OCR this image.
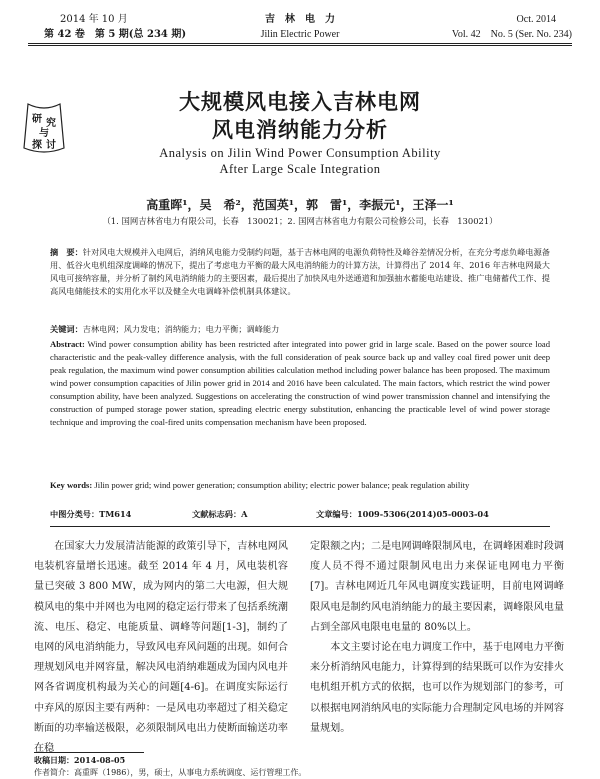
2014 年 10 月
第 42 卷　第 5 期(总 234 期)
吉　林　电　力
Jilin Electric Power
Oct. 2014
Vol. 42　No. 5 (Ser. No. 234)
研 究
与
探 讨
大规模风电接入吉林电网
风电消纳能力分析
Analysis on Jilin Wind Power Consumption Ability
After Large Scale Integration
高重晖¹，吴　希²，范国英¹，郭　雷¹，李振元¹，王泽一¹
（1. 国网吉林省电力有限公司，长春　130021；2. 国网吉林省电力有限公司检修公司，长春　130021）
摘　要：针对风电大规模并入电网后，消纳风电能力受制约问题，基于吉林电网的电源负荷特性及峰谷差情况分析，在充分考虑负峰电源备用、低谷火电机组深度调峰的情况下，提出了考虑电力平衡的最大风电消纳能力的计算方法，计算得出了 2014 年、2016 年吉林电网最大风电可接纳容量，并分析了制约风电消纳能力的主要因素，最后提出了加快风电外送通道和加强抽水蓄能电站建设、推广电储蓄代工作、提高风电储能技术的实用化水平以及健全火电调峰补偿机制具体建议。
关键词：吉林电网；风力发电；消纳能力；电力平衡；调峰能力
Abstract: Wind power consumption ability has been restricted after integrated into power grid in large scale. Based on the power source load characteristic and the peak-valley difference analysis, with the full consideration of peak source back up and valley coal fired power unit deep peak regulation, the maximum wind power consumption abilities calculation method including power balance has been proposed. The maximum wind power consumption capacities of Jilin power grid in 2014 and 2016 have been calculated. The main factors, which restrict the wind power consumption ability, have been analyzed. Suggestions on accelerating the construction of wind power transmission channel and intensifying the construction of pumped storage power station, spreading electric energy substitution, enhancing the practicable level of wind power storage technique and improving the coal-fired units compensation mechanism have been proposed.
Key words: Jilin power grid; wind power generation; consumption ability; electric power balance; peak regulation ability
中图分类号：TM614	文献标志码：A	文章编号：1009-5306(2014)05-0003-04

在国家大力发展清洁能源的政策引导下，吉林电网风电装机容量增长迅速。截至 2014 年 4 月，风电装机容量已突破 3 800 MW，成为网内的第二大电源，但大规模风电的集中并网也为电网的稳定运行带来了包括系统潮流、电压、稳定、电能质量、调峰等问题[1-3]，制约了电网的风电消纳能力，导致风电弃风问题的出现。如何合理规划风电并网容量，解决风电消纳难题成为国内风电并网各省调度机构最为关心的问题[4-6]。在调度实际运行中弃风的原因主要有两种：一是风电功率超过了相关稳定断面的功率输送极限，必须限制风电出力使断面输送功率在稳

定限额之内；二是电网调峰限制风电，在调峰困难时段调度人员不得不通过限制风电出力来保证电网电力平衡[7]。吉林电网近几年风电调度实践证明，目前电网调峰限风电是制约风电消纳能力的最主要因素，调峰限风电量占到全部风电限电电量的 80%以上。

本文主要讨论在电力调度工作中，基于电网电力平衡来分析消纳风电能力，计算得到的结果既可以作为安排火电机组开机方式的依据，也可以作为规划部门的参考，可以根据电网消纳风电的实际能力合理制定风电场的并网容量规划。

收稿日期：2014-08-05
作者简介：高重晖（1986），男，硕士，从事电力系统调度、运行管理工作。
